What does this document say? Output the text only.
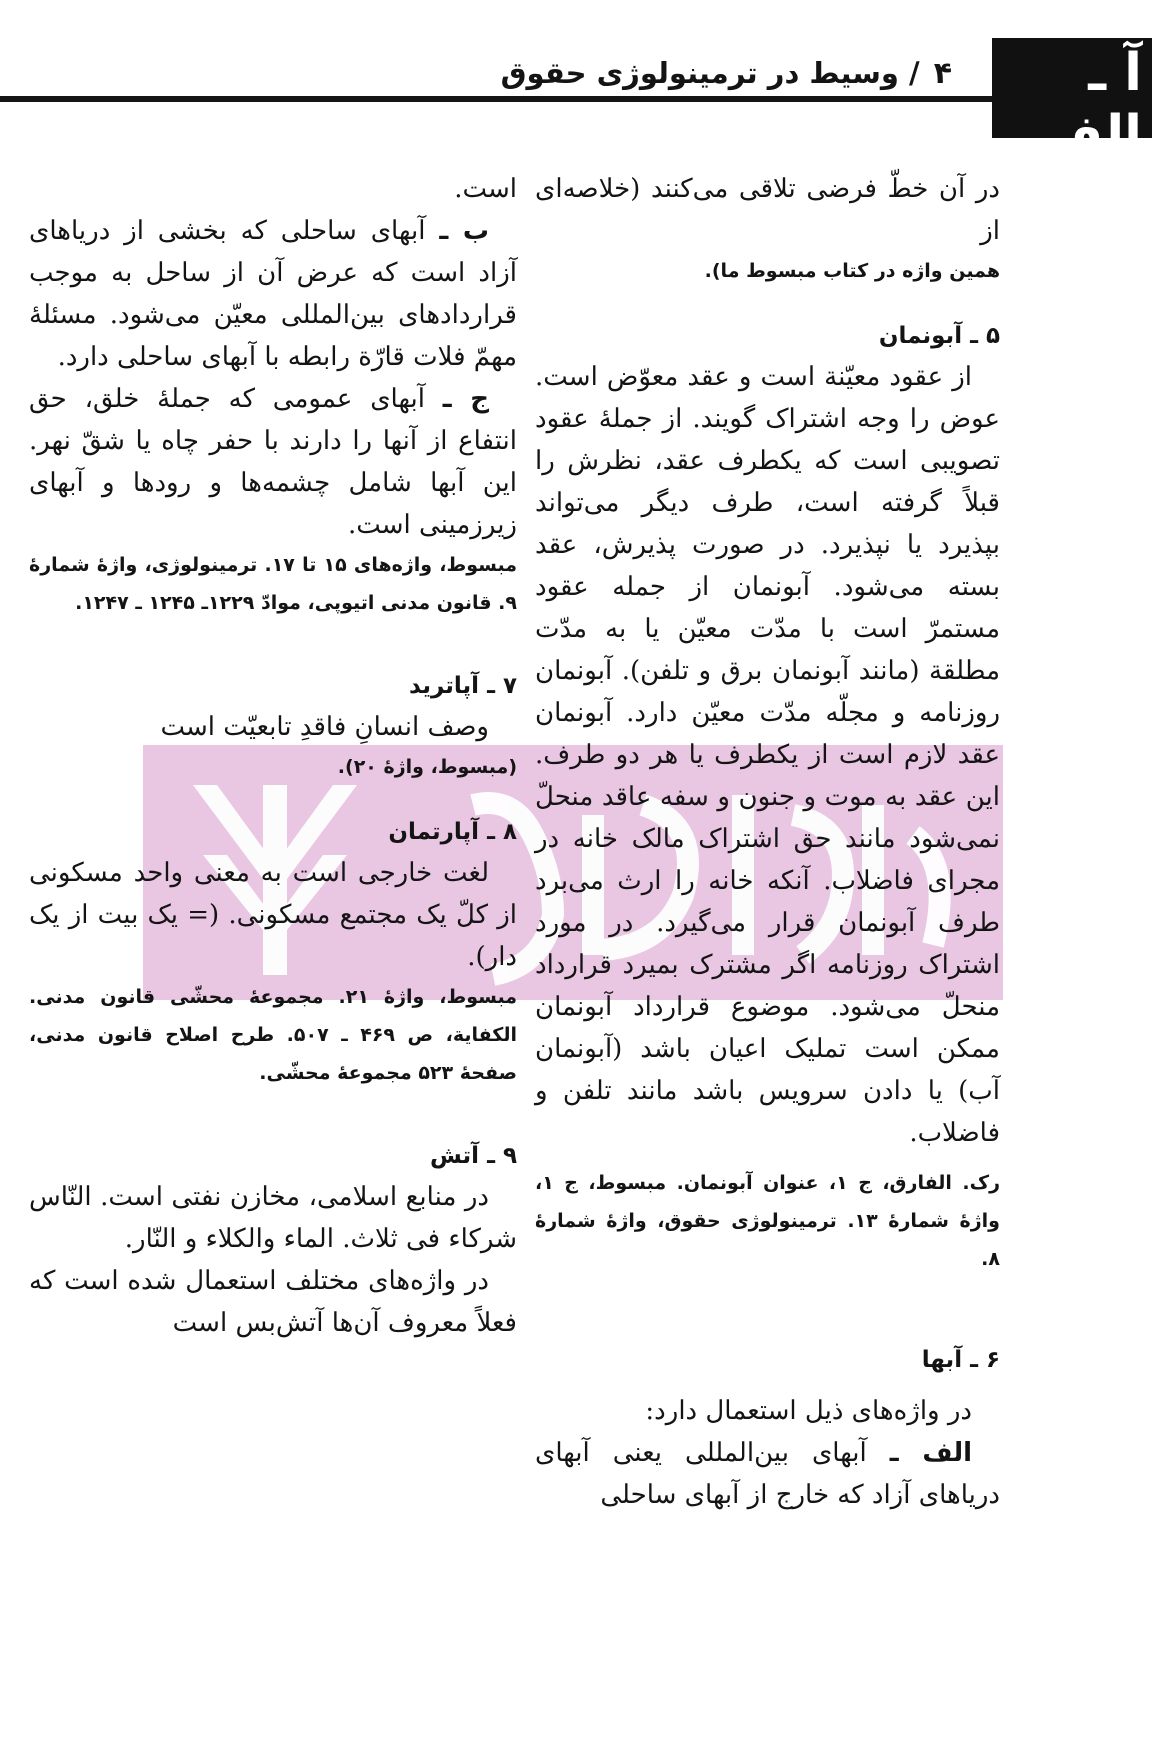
آ ـ الف
۴ / وسیط در ترمینولوژی حقوق

در آن خطّ فرضی تلاقی می‌کنند (خلاصه‌ای از

همین واژه در کتاب مبسوط ما).

۵ ـ آبونمان

از عقود معیّنة است و عقد معوّض است. عوض را وجه اشتراک گویند. از جملهٔ عقود تصویبی است که یکطرف عقد، نظرش را قبلاً گرفته است، طرف دیگر می‌تواند بپذیرد یا نپذیرد. در صورت پذیرش، عقد بسته می‌شود. آبونمان از جمله عقود مستمرّ است با مدّت معیّن یا به مدّت مطلقة (مانند آبونمان برق و تلفن). آبونمان روزنامه و مجلّه مدّت معیّن دارد. آبونمان عقد لازم است از یکطرف یا هر دو طرف. این عقد به موت و جنون و سفه عاقد منحلّ نمی‌شود مانند حق اشتراک مالک خانه در مجرای فاضلاب. آنکه خانه را ارث می‌برد طرف آبونمان قرار می‌گیرد. در مورد اشتراک روزنامه اگر مشترک بمیرد قرارداد منحلّ می‌شود. موضوع قرارداد آبونمان ممکن است تملیک اعیان باشد (آبونمان آب) یا دادن سرویس باشد مانند تلفن و فاضلاب.

رک. الفارق، ج ۱، عنوان آبونمان. مبسوط، ج ۱، واژهٔ شمارهٔ ۱۳. ترمینولوژی حقوق، واژهٔ شمارهٔ ۸.

۶ ـ آبها

در واژه‌های ذیل استعمال دارد:

الف ـ آبهای بین‌المللی یعنی آبهای دریاهای آزاد که خارج از آبهای ساحلی

است.

ب ـ آبهای ساحلی که بخشی از دریاهای آزاد است که عرض آن از ساحل به موجب قراردادهای بین‌المللی معیّن می‌شود. مسئلهٔ مهمّ فلات قارّة رابطه با آبهای ساحلی دارد.

ج ـ آبهای عمومی که جملهٔ خلق، حق انتفاع از آنها را دارند با حفر چاه یا شقّ نهر. این آبها شامل چشمه‌ها و رودها و آبهای زیرزمینی است.

مبسوط، واژه‌های ۱۵ تا ۱۷. ترمینولوژی، واژهٔ شمارهٔ ۹. قانون مدنی اتیوپی، موادّ ۱۲۲۹ـ ۱۲۴۵ ـ ۱۲۴۷.

۷ ـ آپاترید

وصف انسانِ فاقدِ تابعیّت است

(مبسوط، واژهٔ ۲۰).

۸ ـ آپارتمان

لغت خارجی است به معنی واحد مسکونی از کلّ یک مجتمع مسکونی. (= یک بیت از یک دار).

مبسوط، واژهٔ ۲۱. مجموعهٔ محشّی قانون مدنی. الکفایة، ص ۴۶۹ ـ ۵۰۷. طرح اصلاح قانون مدنی، صفحهٔ ۵۲۳ مجموعهٔ محشّی.

۹ ـ آتش

در منابع اسلامی، مخازن نفتی است. النّاس شرکاء فی ثلاث. الماء والکلاء و النّار.

در واژه‌های مختلف استعمال شده است که فعلاً معروف آن‌ها آتش‌بس است
